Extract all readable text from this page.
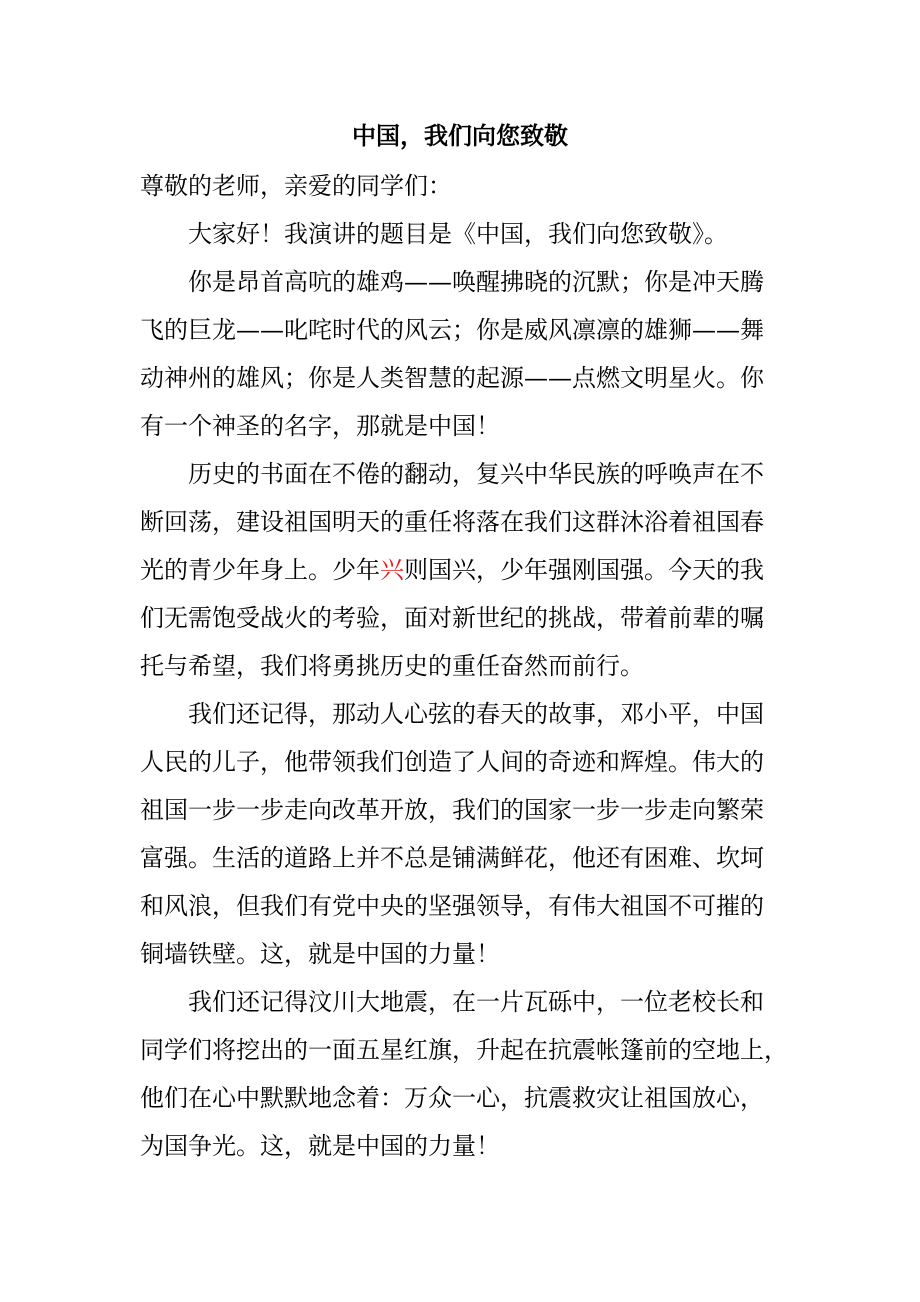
中国，我们向您致敬

尊敬的老师，亲爱的同学们：

大家好！我演讲的题目是《中国，我们向您致敬》。

你是昂首高吭的雄鸡——唤醒拂晓的沉默；你是冲天腾

飞的巨龙——叱咤时代的风云；你是威风凛凛的雄狮——舞

动神州的雄风；你是人类智慧的起源——点燃文明星火。你

有一个神圣的名字，那就是中国！

历史的书面在不倦的翻动，复兴中华民族的呼唤声在不

断回荡，建设祖国明天的重任将落在我们这群沐浴着祖国春

光的青少年身上。少年兴则国兴，少年强刚国强。今天的我

们无需饱受战火的考验，面对新世纪的挑战，带着前辈的嘱

托与希望，我们将勇挑历史的重任奋然而前行。

我们还记得，那动人心弦的春天的故事，邓小平，中国

人民的儿子，他带领我们创造了人间的奇迹和辉煌。伟大的

祖国一步一步走向改革开放，我们的国家一步一步走向繁荣

富强。生活的道路上并不总是铺满鲜花，他还有困难、坎坷

和风浪，但我们有党中央的坚强领导，有伟大祖国不可摧的

铜墙铁壁。这，就是中国的力量！

我们还记得汶川大地震，在一片瓦砾中，一位老校长和

同学们将挖出的一面五星红旗，升起在抗震帐篷前的空地上，

他们在心中默默地念着：万众一心，抗震救灾让祖国放心，

为国争光。这，就是中国的力量！
